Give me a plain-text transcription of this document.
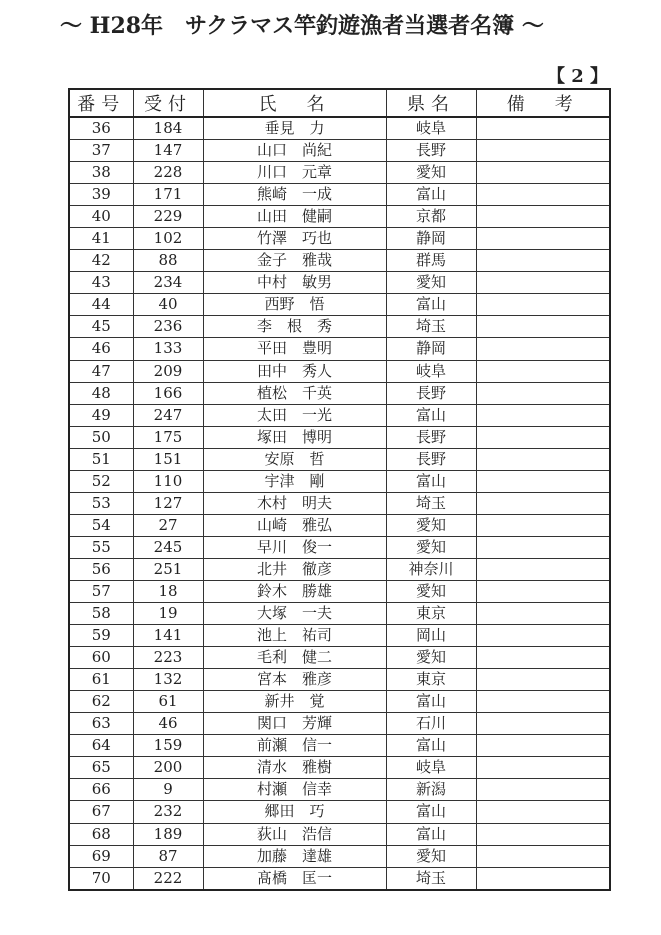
～ H28年　サクラマス竿釣遊漁者当選者名簿 ～
【 2 】
番号	受付	氏　名	県名	備　考
36	184	垂見　力	岐阜	
37	147	山口　尚紀	長野	
38	228	川口　元章	愛知	
39	171	熊崎　一成	富山	
40	229	山田　健嗣	京都	
41	102	竹澤　巧也	静岡	
42	88	金子　雅哉	群馬	
43	234	中村　敏男	愛知	
44	40	西野　悟	富山	
45	236	李　根　秀	埼玉	
46	133	平田　豊明	静岡	
47	209	田中　秀人	岐阜	
48	166	植松　千英	長野	
49	247	太田　一光	富山	
50	175	塚田　博明	長野	
51	151	安原　哲	長野	
52	110	宇津　剛	富山	
53	127	木村　明夫	埼玉	
54	27	山崎　雅弘	愛知	
55	245	早川　俊一	愛知	
56	251	北井　徹彦	神奈川	
57	18	鈴木　勝雄	愛知	
58	19	大塚　一夫	東京	
59	141	池上　祐司	岡山	
60	223	毛利　健二	愛知	
61	132	宮本　雅彦	東京	
62	61	新井　覚	富山	
63	46	関口　芳輝	石川	
64	159	前瀬　信一	富山	
65	200	清水　雅樹	岐阜	
66	9	村瀬　信幸	新潟	
67	232	郷田　巧	富山	
68	189	荻山　浩信	富山	
69	87	加藤　達雄	愛知	
70	222	髙橋　匡一	埼玉	
